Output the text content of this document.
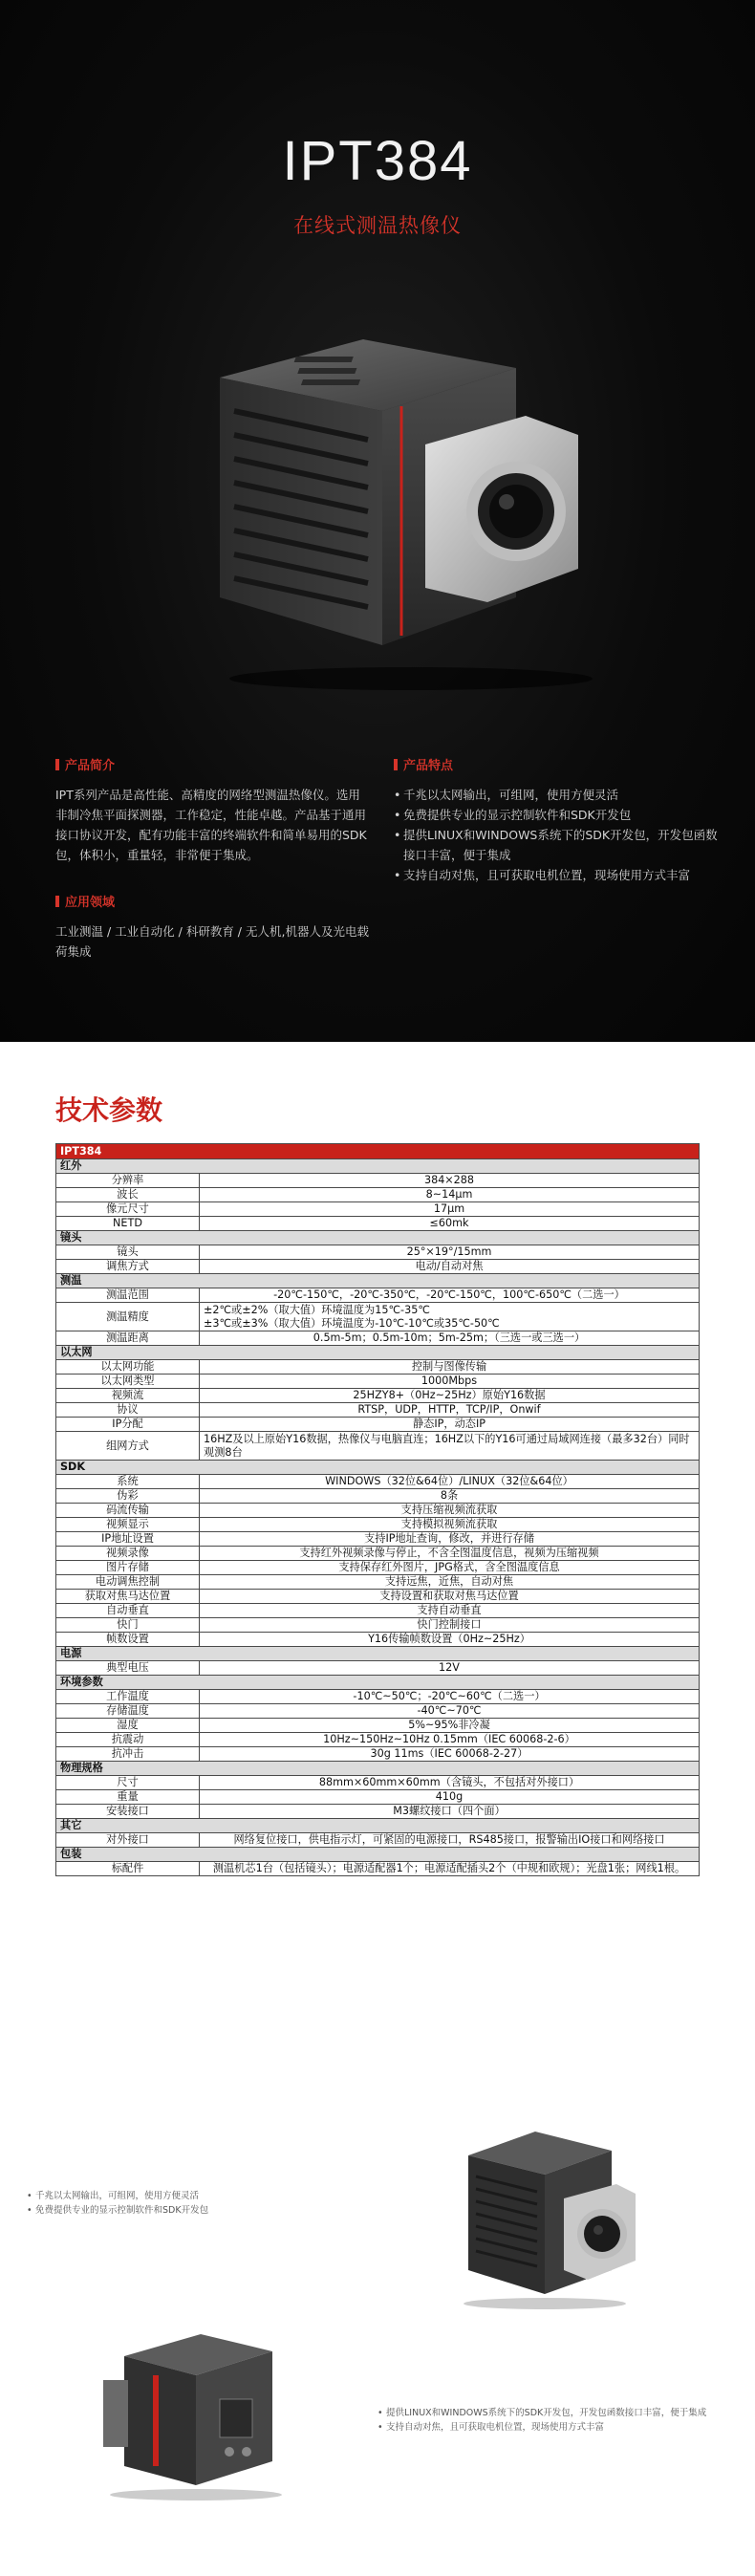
IPT384
在线式测温热像仪
产品简介

IPT系列产品是高性能、高精度的网络型测温热像仪。选用非制冷焦平面探测器，工作稳定，性能卓越。产品基于通用接口协议开发，配有功能丰富的终端软件和简单易用的SDK包，体积小，重量轻，非常便于集成。

应用领域

工业测温 / 工业自动化 / 科研教育 / 无人机,机器人及光电载荷集成

产品特点
• 千兆以太网输出，可组网，使用方便灵活
• 免费提供专业的显示控制软件和SDK开发包
• 提供LINUX和WINDOWS系统下的SDK开发包，开发包函数接口丰富，便于集成
• 支持自动对焦，且可获取电机位置，现场使用方式丰富
技术参数
IPT384	
红外	
分辨率	384×288
波长	8~14μm
像元尺寸	17μm
NETD	≤60mk
镜头	
镜头	25°×19°/15mm
调焦方式	电动/自动对焦
测温	
测温范围	-20℃-150℃，-20℃-350℃，-20℃-150℃，100℃-650℃（二选一）
测温精度	±2℃或±2%（取大值）环境温度为15℃-35℃
±3℃或±3%（取大值）环境温度为-10℃-10℃或35℃-50℃
测温距离	0.5m-5m；0.5m-10m；5m-25m；（三选一或三选一）
以太网	
以太网功能	控制与图像传输
以太网类型	1000Mbps
视频流	25HZY8+（0Hz~25Hz）原始Y16数据
协议	RTSP，UDP，HTTP，TCP/IP，Onwif
IP分配	静态IP，动态IP
组网方式	16HZ及以上原始Y16数据，热像仪与电脑直连；16HZ以下的Y16可通过局域网连接（最多32台）同时观测8台
SDK	
系统	WINDOWS（32位&64位）/LINUX（32位&64位）
伪彩	8条
码流传输	支持压缩视频流获取
视频显示	支持模拟视频流获取
IP地址设置	支持IP地址查询，修改，并进行存储
视频录像	支持红外视频录像与停止，不含全图温度信息，视频为压缩视频
图片存储	支持保存红外图片，JPG格式，含全图温度信息
电动调焦控制	支持远焦，近焦，自动对焦
获取对焦马达位置	支持设置和获取对焦马达位置
自动垂直	支持自动垂直
快门	快门控制接口
帧数设置	Y16传输帧数设置（0Hz~25Hz）
电源	
典型电压	12V
环境参数	
工作温度	-10℃~50℃；-20℃~60℃（二选一）
存储温度	-40℃~70℃
湿度	5%~95%非冷凝
抗震动	10Hz~150Hz~10Hz 0.15mm（IEC 60068-2-6）
抗冲击	30g 11ms（IEC 60068-2-27）
物理规格	
尺寸	88mm×60mm×60mm（含镜头，不包括对外接口）
重量	410g
安装接口	M3螺纹接口（四个面）
其它	
对外接口	网络复位接口，供电指示灯，可紧固的电源接口，RS485接口，报警输出IO接口和网络接口
包装	
标配件	测温机芯1台（包括镜头）；电源适配器1个；电源适配插头2个（中规和欧规）；光盘1张；网线1根。
• 千兆以太网输出，可组网，使用方便灵活
• 免费提供专业的显示控制软件和SDK开发包
• 提供LINUX和WINDOWS系统下的SDK开发包，开发包函数接口丰富，便于集成
• 支持自动对焦，且可获取电机位置，现场使用方式丰富
